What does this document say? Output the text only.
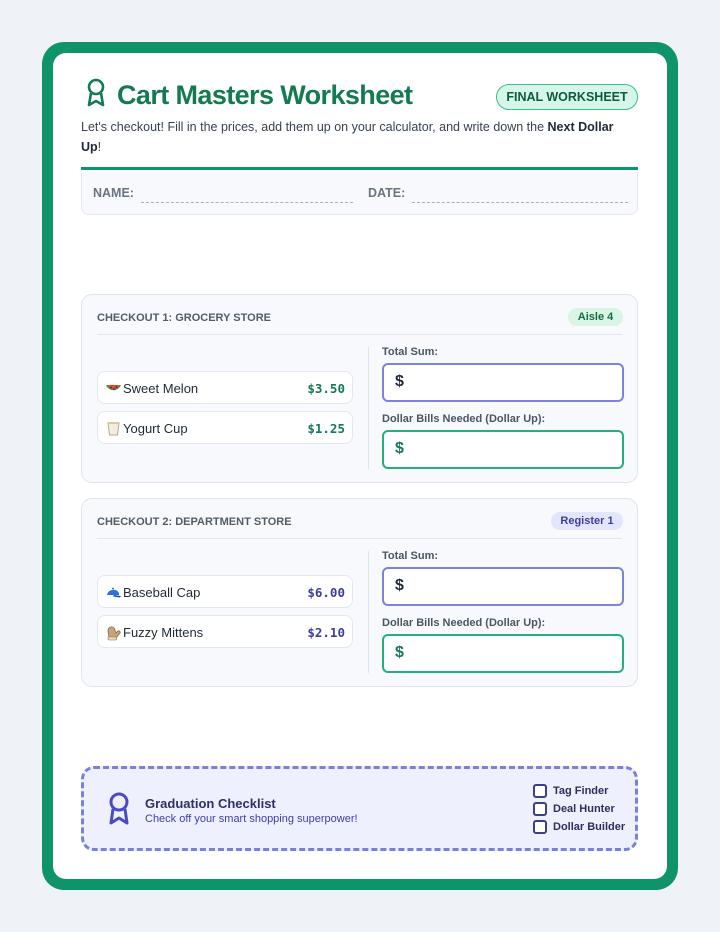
Cart Masters Worksheet	FINAL WORKSHEET
Let's checkout! Fill in the prices, add them up on your calculator, and write down the Next Dollar Up!
NAME:	DATE:
CHECKOUT 1: GROCERY STORE	Aisle 4
Sweet Melon	$3.50
Yogurt Cup	$1.25
Total Sum:
$
Dollar Bills Needed (Dollar Up):
$
CHECKOUT 2: DEPARTMENT STORE	Register 1
Baseball Cap	$6.00
Fuzzy Mittens	$2.10
Total Sum:
$
Dollar Bills Needed (Dollar Up):
$
Graduation Checklist
Check off your smart shopping superpower!
Tag Finder
Deal Hunter
Dollar Builder
